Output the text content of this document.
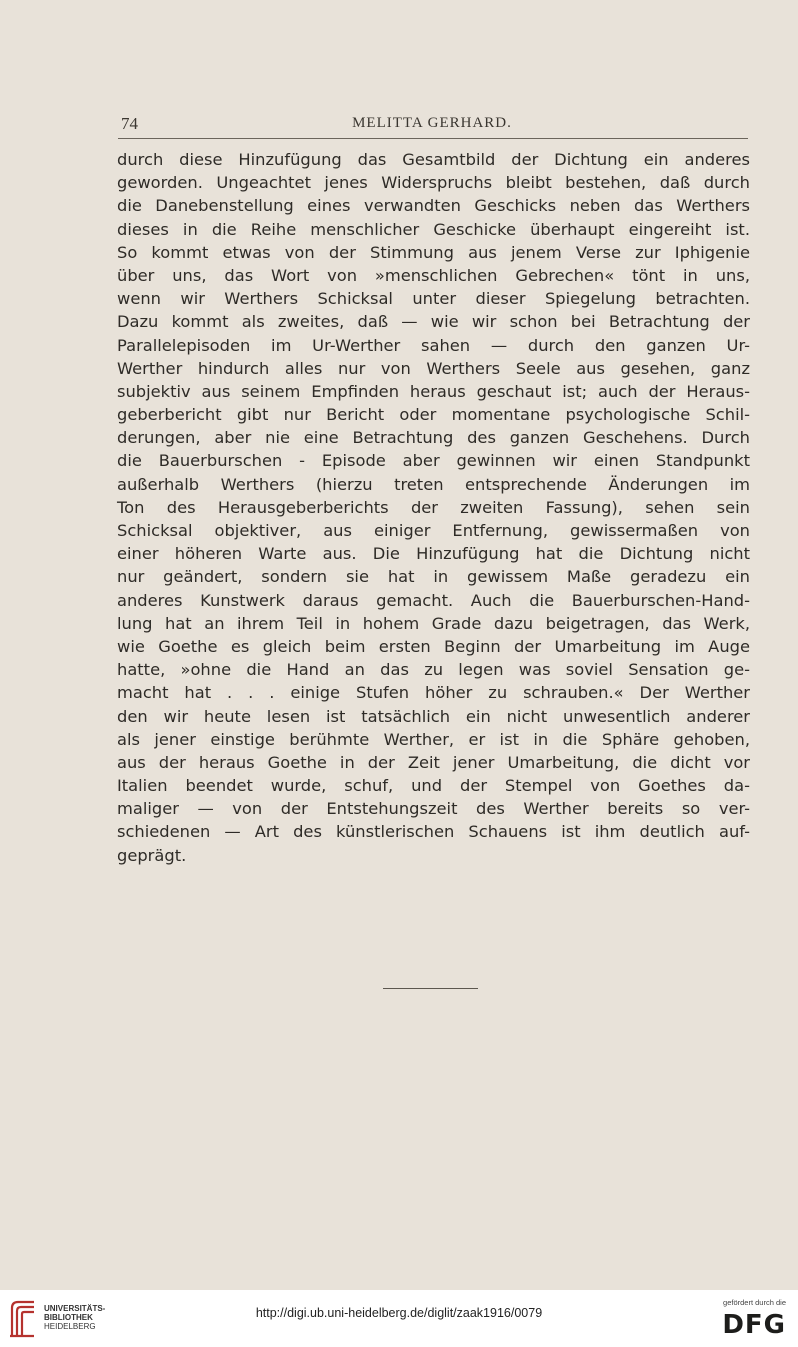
74	MELITTA GERHARD.
durch diese Hinzufügung das Gesamtbild der Dichtung ein anderes
geworden. Ungeachtet jenes Widerspruchs bleibt bestehen, daß durch
die Danebenstellung eines verwandten Geschicks neben das Werthers
dieses in die Reihe menschlicher Geschicke überhaupt eingereiht ist.
So kommt etwas von der Stimmung aus jenem Verse zur Iphigenie
über uns, das Wort von »menschlichen Gebrechen« tönt in uns,
wenn wir Werthers Schicksal unter dieser Spiegelung betrachten.
Dazu kommt als zweites, daß — wie wir schon bei Betrachtung der
Parallelepisoden im Ur-Werther sahen — durch den ganzen Ur-
Werther hindurch alles nur von Werthers Seele aus gesehen, ganz
subjektiv aus seinem Empfinden heraus geschaut ist; auch der Heraus-
geberbericht gibt nur Bericht oder momentane psychologische Schil-
derungen, aber nie eine Betrachtung des ganzen Geschehens. Durch
die Bauerburschen - Episode aber gewinnen wir einen Standpunkt
außerhalb Werthers (hierzu treten entsprechende Änderungen im
Ton des Herausgeberberichts der zweiten Fassung), sehen sein
Schicksal objektiver, aus einiger Entfernung, gewissermaßen von
einer höheren Warte aus. Die Hinzufügung hat die Dichtung nicht
nur geändert, sondern sie hat in gewissem Maße geradezu ein
anderes Kunstwerk daraus gemacht. Auch die Bauerburschen-Hand-
lung hat an ihrem Teil in hohem Grade dazu beigetragen, das Werk,
wie Goethe es gleich beim ersten Beginn der Umarbeitung im Auge
hatte, »ohne die Hand an das zu legen was soviel Sensation ge-
macht hat . . . einige Stufen höher zu schrauben.« Der Werther
den wir heute lesen ist tatsächlich ein nicht unwesentlich anderer
als jener einstige berühmte Werther, er ist in die Sphäre gehoben,
aus der heraus Goethe in der Zeit jener Umarbeitung, die dicht vor
Italien beendet wurde, schuf, und der Stempel von Goethes da-
maliger — von der Entstehungszeit des Werther bereits so ver-
schiedenen — Art des künstlerischen Schauens ist ihm deutlich auf-
geprägt.
UNIVERSITÄTS-
BIBLIOTHEK
HEIDELBERG
http://digi.ub.uni-heidelberg.de/diglit/zaak1916/0079
gefördert durch die
DFG
